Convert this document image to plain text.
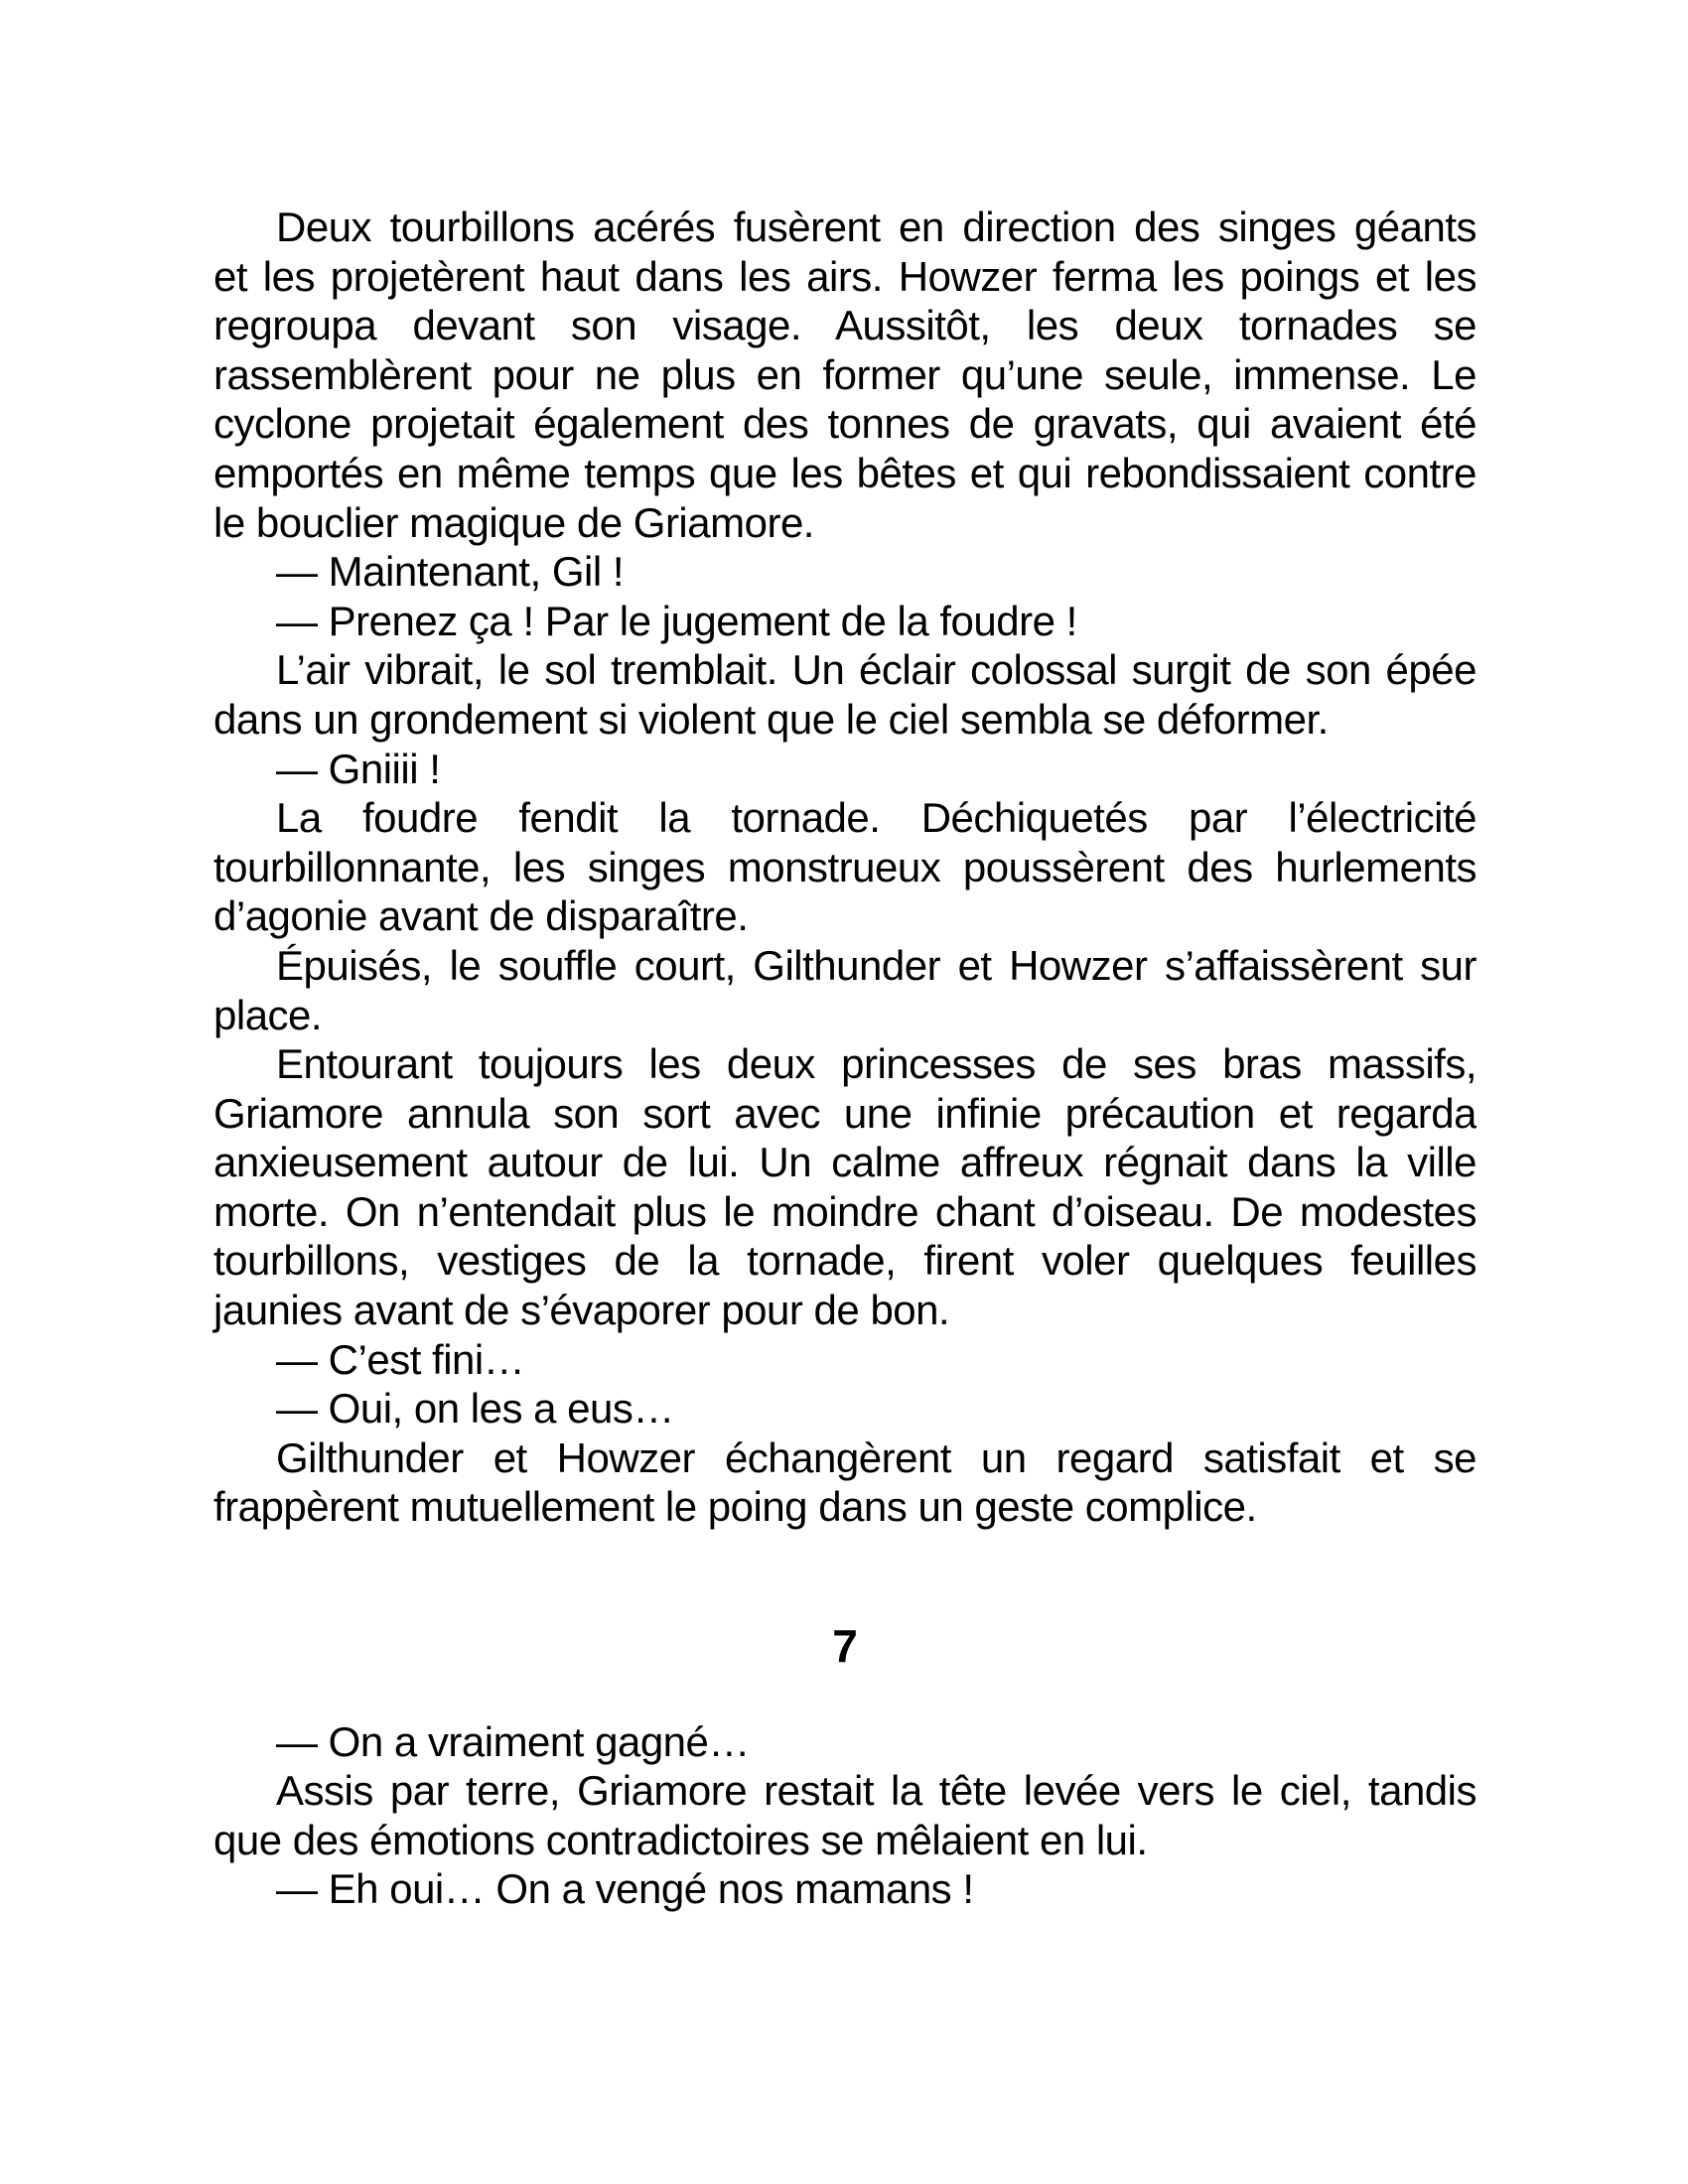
Deux tourbillons acérés fusèrent en direction des singes géants
et les projetèrent haut dans les airs. Howzer ferma les poings et les
regroupa devant son visage. Aussitôt, les deux tornades se
rassemblèrent pour ne plus en former qu’une seule, immense. Le
cyclone projetait également des tonnes de gravats, qui avaient été
emportés en même temps que les bêtes et qui rebondissaient contre
le bouclier magique de Griamore.
— Maintenant, Gil !
— Prenez ça ! Par le jugement de la foudre !
L’air vibrait, le sol tremblait. Un éclair colossal surgit de son épée
dans un grondement si violent que le ciel sembla se déformer.
— Gniiii !
La foudre fendit la tornade. Déchiquetés par l’électricité
tourbillonnante, les singes monstrueux poussèrent des hurlements
d’agonie avant de disparaître.
Épuisés, le souffle court, Gilthunder et Howzer s’affaissèrent sur
place.
Entourant toujours les deux princesses de ses bras massifs,
Griamore annula son sort avec une infinie précaution et regarda
anxieusement autour de lui. Un calme affreux régnait dans la ville
morte. On n’entendait plus le moindre chant d’oiseau. De modestes
tourbillons, vestiges de la tornade, firent voler quelques feuilles
jaunies avant de s’évaporer pour de bon.
— C’est fini…
— Oui, on les a eus…
Gilthunder et Howzer échangèrent un regard satisfait et se
frappèrent mutuellement le poing dans un geste complice.
7
— On a vraiment gagné…
Assis par terre, Griamore restait la tête levée vers le ciel, tandis
que des émotions contradictoires se mêlaient en lui.
— Eh oui… On a vengé nos mamans !
